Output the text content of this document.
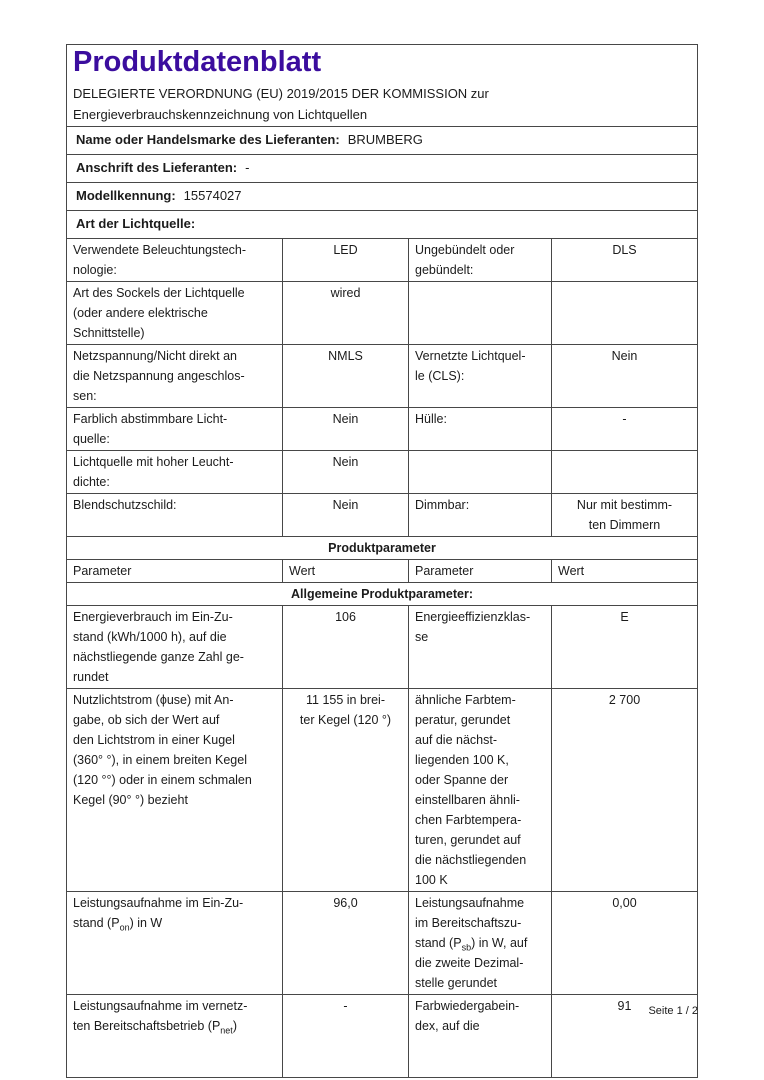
Produktdatenblatt

DELEGIERTE VERORDNUNG (EU) 2019/2015 DER KOMMISSION zur
Energieverbrauchskennzeichnung von Lichtquellen

Name oder Handelsmarke des Lieferanten: BRUMBERG			
Anschrift des Lieferanten: -			
Modellkennung: 15574027			
Art der Lichtquelle:			
Verwendete Beleuchtungstech-
nologie:	LED	Ungebündelt oder
gebündelt:	DLS
Art des Sockels der Lichtquelle
(oder andere elektrische
Schnittstelle)	wired		
Netzspannung/Nicht direkt an
die Netzspannung angeschlos-
sen:	NMLS	Vernetzte Lichtquel-
le (CLS):	Nein
Farblich abstimmbare Licht-
quelle:	Nein	Hülle:	-
Lichtquelle mit hoher Leucht-
dichte:	Nein		
Blendschutzschild:	Nein	Dimmbar:	Nur mit bestimm-
ten Dimmern
Produktparameter			
Parameter	Wert	Parameter	Wert
Allgemeine Produktparameter:			
Energieverbrauch im Ein-Zu-
stand (kWh/1000 h), auf die
nächstliegende ganze Zahl ge-
rundet	106	Energieeffizienzklas-
se	E
Nutzlichtstrom (ϕuse) mit An-
gabe, ob sich der Wert auf
den Lichtstrom in einer Kugel
(360° °), in einem breiten Kegel
(120 °°) oder in einem schmalen
Kegel (90° °) bezieht	11 155 in brei-
ter Kegel (120 °)	ähnliche Farbtem-
peratur, gerundet
auf die nächst-
liegenden 100 K,
oder Spanne der
einstellbaren ähnli-
chen Farbtempera-
turen, gerundet auf
die nächstliegenden
100 K	2 700
Leistungsaufnahme im Ein-Zu-
stand $(P_{on})$ in W	96,0	Leistungsaufnahme
im Bereitschaftszu-
stand $(P_{sb})$ in W, auf
die zweite Dezimal-
stelle gerundet	0,00
Leistungsaufnahme im vernetz-
ten Bereitschaftsbetrieb $(P_{net})$	-	Farbwiedergabein-
dex, auf die	91 Seite 1 / 2
